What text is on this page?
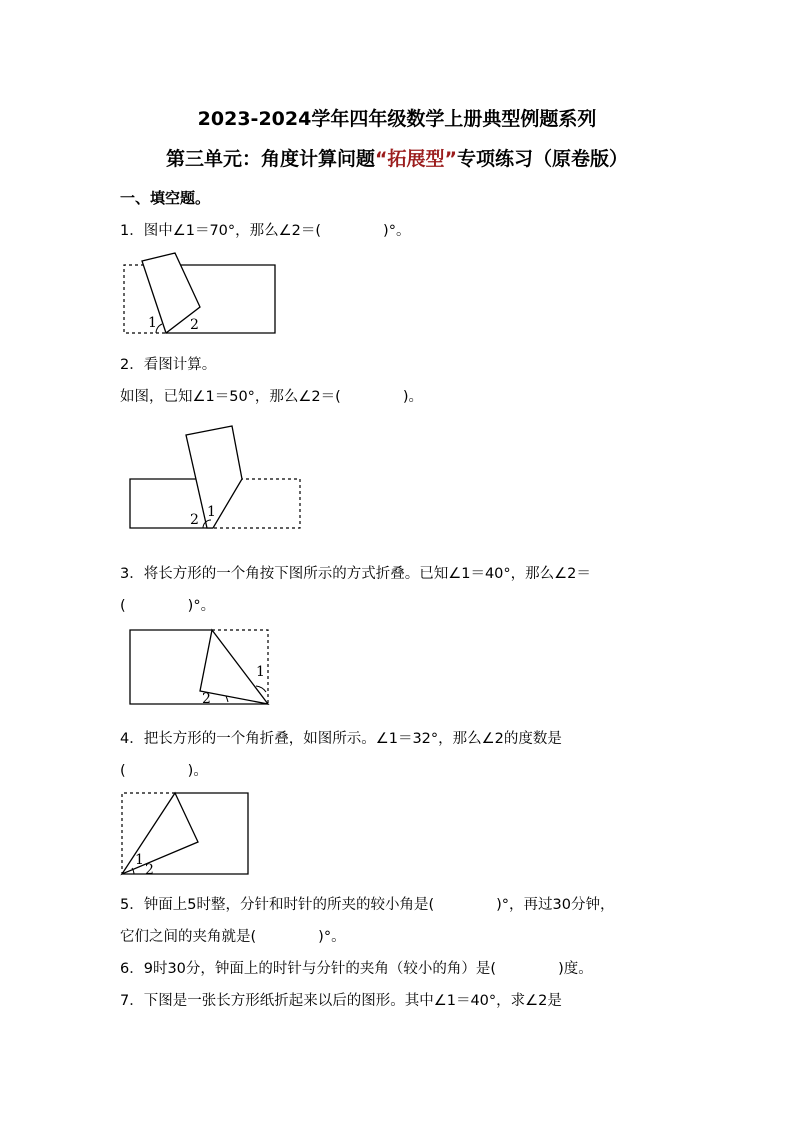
2023-2024学年四年级数学上册典型例题系列
第三单元：角度计算问题“拓展型”专项练习（原卷版）
一、填空题。
1．图中∠1＝70°，那么∠2＝(	)°。
1 2
2．看图计算。
如图，已知∠1＝50°，那么∠2＝(	)。
1
2
3．将长方形的一个角按下图所示的方式折叠。已知∠1＝40°，那么∠2＝
(	)°。
1
2
4．把长方形的一个角折叠，如图所示。∠1＝32°，那么∠2的度数是
(	)。
1
2
5．钟面上5时整，分针和时针的所夹的较小角是(	)°，再过30分钟，
它们之间的夹角就是(	)°。
6．9时30分，钟面上的时针与分针的夹角（较小的角）是(	)度。
7．下图是一张长方形纸折起来以后的图形。其中∠1＝40°，求∠2是
